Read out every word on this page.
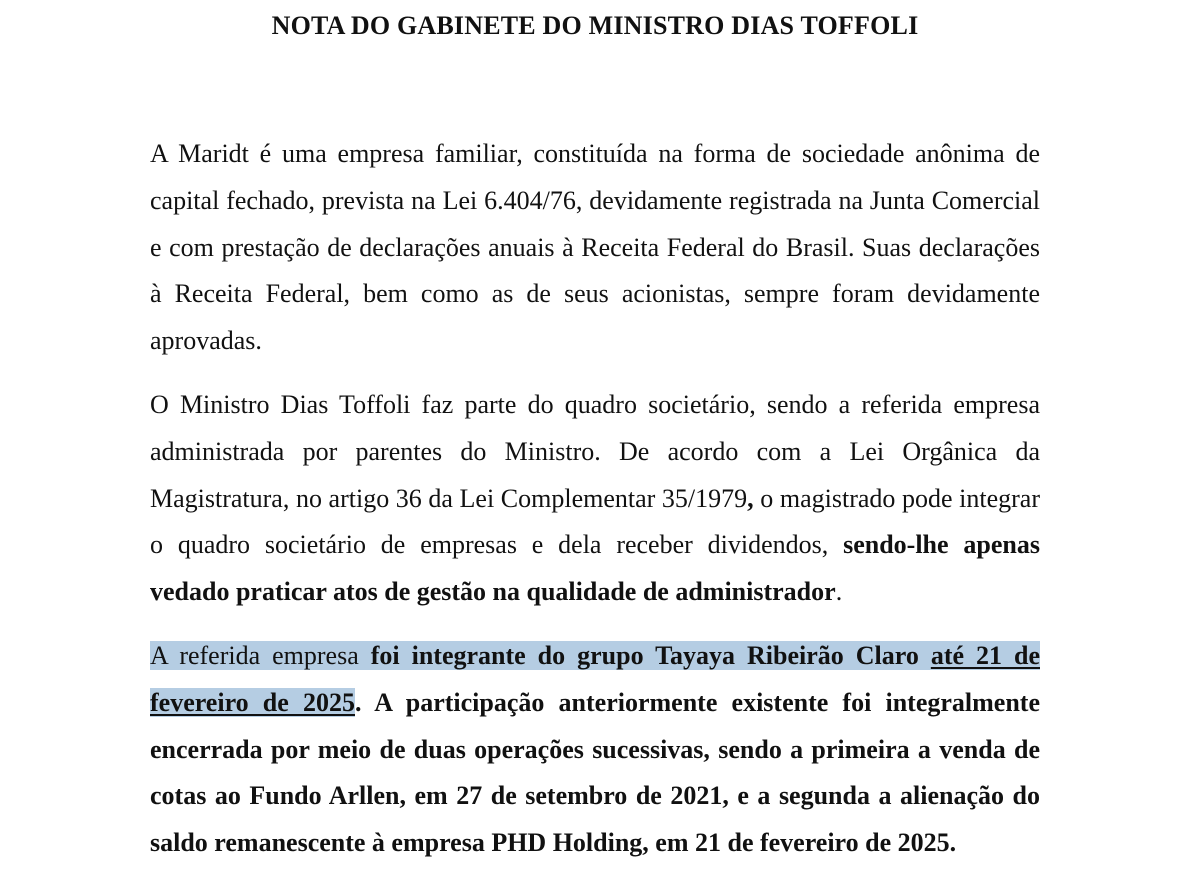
NOTA DO GABINETE DO MINISTRO DIAS TOFFOLI

A Maridt é uma empresa familiar, constituída na forma de sociedade anônima de capital fechado, prevista na Lei 6.404/76, devidamente registrada na Junta Comercial e com prestação de declarações anuais à Receita Federal do Brasil. Suas declarações à Receita Federal, bem como as de seus acionistas, sempre foram devidamente aprovadas.

O Ministro Dias Toffoli faz parte do quadro societário, sendo a referida empresa administrada por parentes do Ministro. De acordo com a Lei Orgânica da Magistratura, no artigo 36 da Lei Complementar 35/1979, o magistrado pode integrar o quadro societário de empresas e dela receber dividendos, sendo-lhe apenas vedado praticar atos de gestão na qualidade de administrador.

A referida empresa foi integrante do grupo Tayaya Ribeirão Claro até 21 de fevereiro de 2025. A participação anteriormente existente foi integralmente encerrada por meio de duas operações sucessivas, sendo a primeira a venda de cotas ao Fundo Arllen, em 27 de setembro de 2021, e a segunda a alienação do saldo remanescente à empresa PHD Holding, em 21 de fevereiro de 2025.
